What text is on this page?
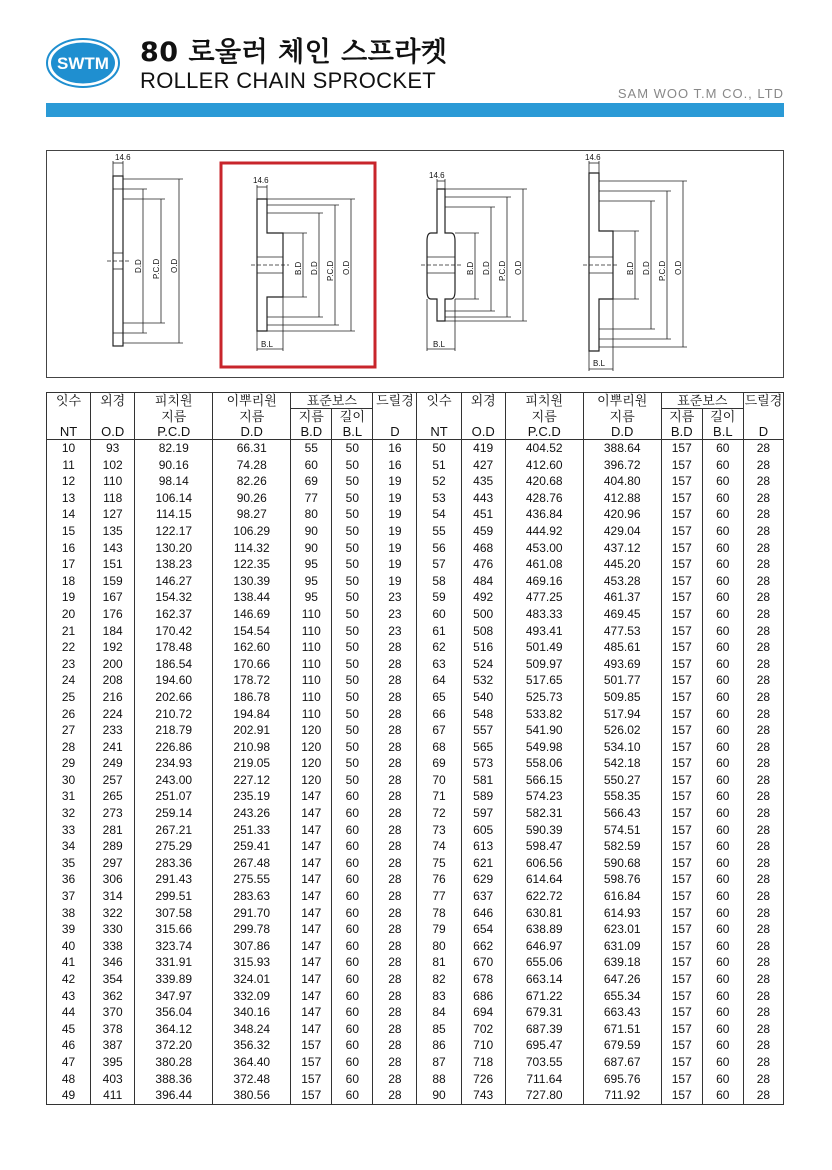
SWTM 80 로울러 체인 스프라켓
ROLLER CHAIN SPROCKET
SAM WOO T.M CO., LTD
14.6
D.D P.C.D O.D
14.6
B.D D.D P.C.D O.D
B.L
14.6
B.D D.D P.C.D O.D
B.L
14.6
B.D D.D P.C.D O.D
B.L
잇수	외경	피치원	이뿌리원	표준보스		드릴경	잇수	외경	피치원	이뿌리원	표준보스		드릴경
		지름	지름	지름	길이				지름	지름	지름	길이	
NT	O.D	P.C.D	D.D	B.D	B.L	D	NT	O.D	P.C.D	D.D	B.D	B.L	D
10	93	82.19	66.31	55	50	16	50	419	404.52	388.64	157	60	28
11	102	90.16	74.28	60	50	16	51	427	412.60	396.72	157	60	28
12	110	98.14	82.26	69	50	19	52	435	420.68	404.80	157	60	28
13	118	106.14	90.26	77	50	19	53	443	428.76	412.88	157	60	28
14	127	114.15	98.27	80	50	19	54	451	436.84	420.96	157	60	28
15	135	122.17	106.29	90	50	19	55	459	444.92	429.04	157	60	28
16	143	130.20	114.32	90	50	19	56	468	453.00	437.12	157	60	28
17	151	138.23	122.35	95	50	19	57	476	461.08	445.20	157	60	28
18	159	146.27	130.39	95	50	19	58	484	469.16	453.28	157	60	28
19	167	154.32	138.44	95	50	23	59	492	477.25	461.37	157	60	28
20	176	162.37	146.69	110	50	23	60	500	483.33	469.45	157	60	28
21	184	170.42	154.54	110	50	23	61	508	493.41	477.53	157	60	28
22	192	178.48	162.60	110	50	28	62	516	501.49	485.61	157	60	28
23	200	186.54	170.66	110	50	28	63	524	509.97	493.69	157	60	28
24	208	194.60	178.72	110	50	28	64	532	517.65	501.77	157	60	28
25	216	202.66	186.78	110	50	28	65	540	525.73	509.85	157	60	28
26	224	210.72	194.84	110	50	28	66	548	533.82	517.94	157	60	28
27	233	218.79	202.91	120	50	28	67	557	541.90	526.02	157	60	28
28	241	226.86	210.98	120	50	28	68	565	549.98	534.10	157	60	28
29	249	234.93	219.05	120	50	28	69	573	558.06	542.18	157	60	28
30	257	243.00	227.12	120	50	28	70	581	566.15	550.27	157	60	28
31	265	251.07	235.19	147	60	28	71	589	574.23	558.35	157	60	28
32	273	259.14	243.26	147	60	28	72	597	582.31	566.43	157	60	28
33	281	267.21	251.33	147	60	28	73	605	590.39	574.51	157	60	28
34	289	275.29	259.41	147	60	28	74	613	598.47	582.59	157	60	28
35	297	283.36	267.48	147	60	28	75	621	606.56	590.68	157	60	28
36	306	291.43	275.55	147	60	28	76	629	614.64	598.76	157	60	28
37	314	299.51	283.63	147	60	28	77	637	622.72	616.84	157	60	28
38	322	307.58	291.70	147	60	28	78	646	630.81	614.93	157	60	28
39	330	315.66	299.78	147	60	28	79	654	638.89	623.01	157	60	28
40	338	323.74	307.86	147	60	28	80	662	646.97	631.09	157	60	28
41	346	331.91	315.93	147	60	28	81	670	655.06	639.18	157	60	28
42	354	339.89	324.01	147	60	28	82	678	663.14	647.26	157	60	28
43	362	347.97	332.09	147	60	28	83	686	671.22	655.34	157	60	28
44	370	356.04	340.16	147	60	28	84	694	679.31	663.43	157	60	28
45	378	364.12	348.24	147	60	28	85	702	687.39	671.51	157	60	28
46	387	372.20	356.32	157	60	28	86	710	695.47	679.59	157	60	28
47	395	380.28	364.40	157	60	28	87	718	703.55	687.67	157	60	28
48	403	388.36	372.48	157	60	28	88	726	711.64	695.76	157	60	28
49	411	396.44	380.56	157	60	28	90	743	727.80	711.92	157	60	28
